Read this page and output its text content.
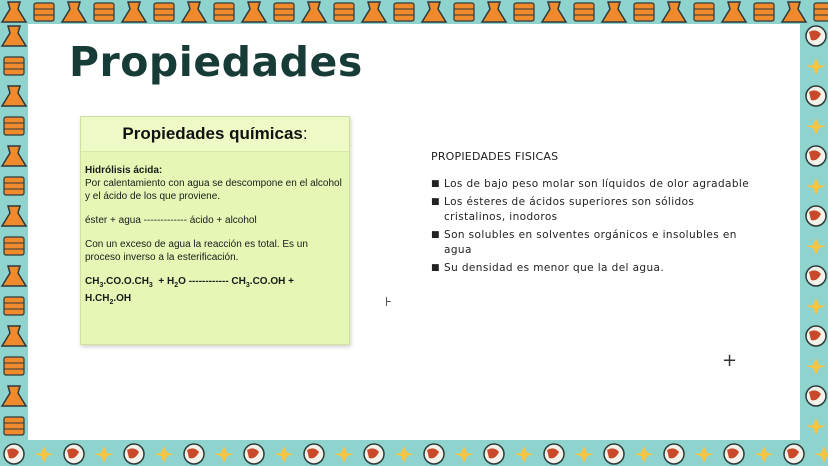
Propiedades
Propiedades químicas:

Hidrólisis ácida:

Por calentamiento con agua se descompone en el alcohol y el ácido de los que proviene.

éster + agua ------------- ácido + alcohol

Con un exceso de agua la reacción es total. Es un proceso inverso a la esterificación.

$CH_3.CO.O.CH_3 + H_2O$ ------------ $CH_3.CO.OH$ +
$H.CH_2.OH$

PROPIEDADES FISICAS

■ Los de bajo peso molar son líquidos de olor agradable
■ Los ésteres de ácidos superiores son sólidos cristalinos, inodoros
■ Son solubles en solventes orgánicos e insolubles en agua
■ Su densidad es menor que la del agua.
⊦
+
